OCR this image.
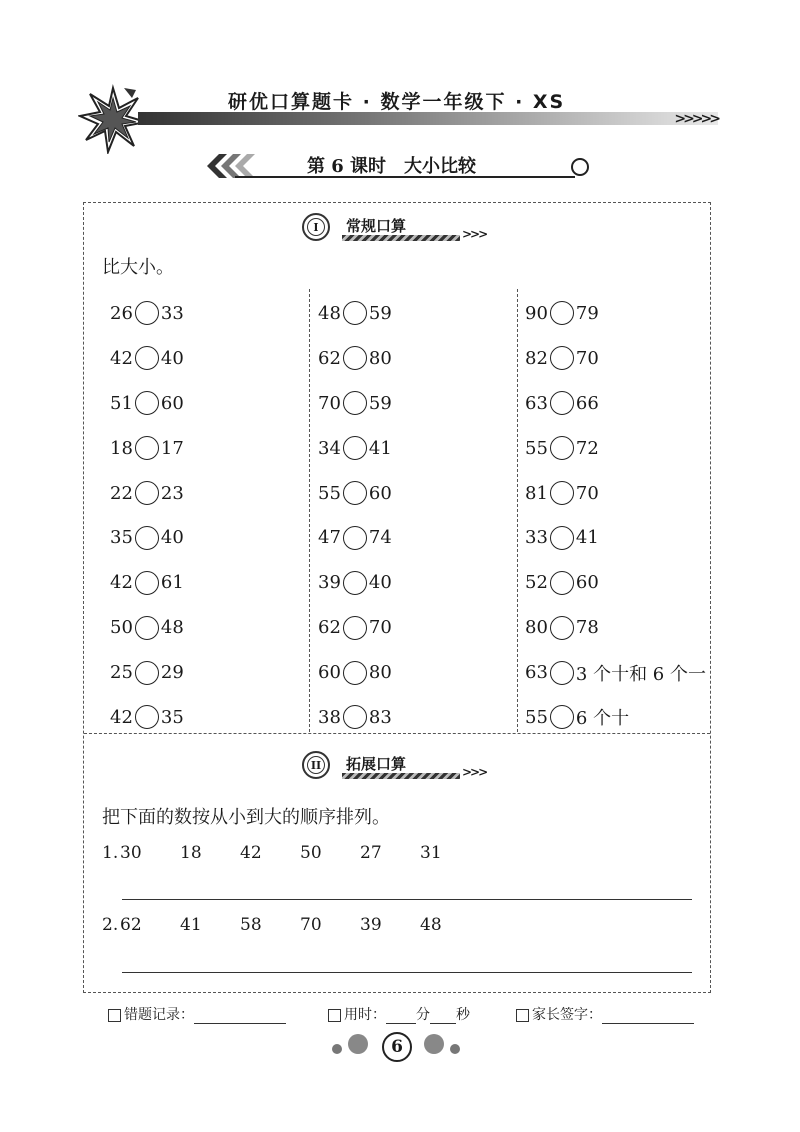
研优口算题卡 · 数学一年级下 · XS
>>>>>
第 6 课时　大小比较
I	常规口算	>>>
比大小。
26 33
42 40
51 60
18 17
22 23
35 40
42 61
50 48
25 29
42 35
48 59
62 80
70 59
34 41
55 60
47 74
39 40
62 70
60 80
38 83
90 79
82 70
63 66
55 72
81 70
33 41
52 60
80 78
63 3 个十和 6 个一
55 6 个十
II 拓展口算	>>>
把下面的数按从小到大的顺序排列。
1. 30 18 42 50 27 31
2. 62 41 58 70 39 48
错题记录：	用时： 分 秒	家长签字：
6
